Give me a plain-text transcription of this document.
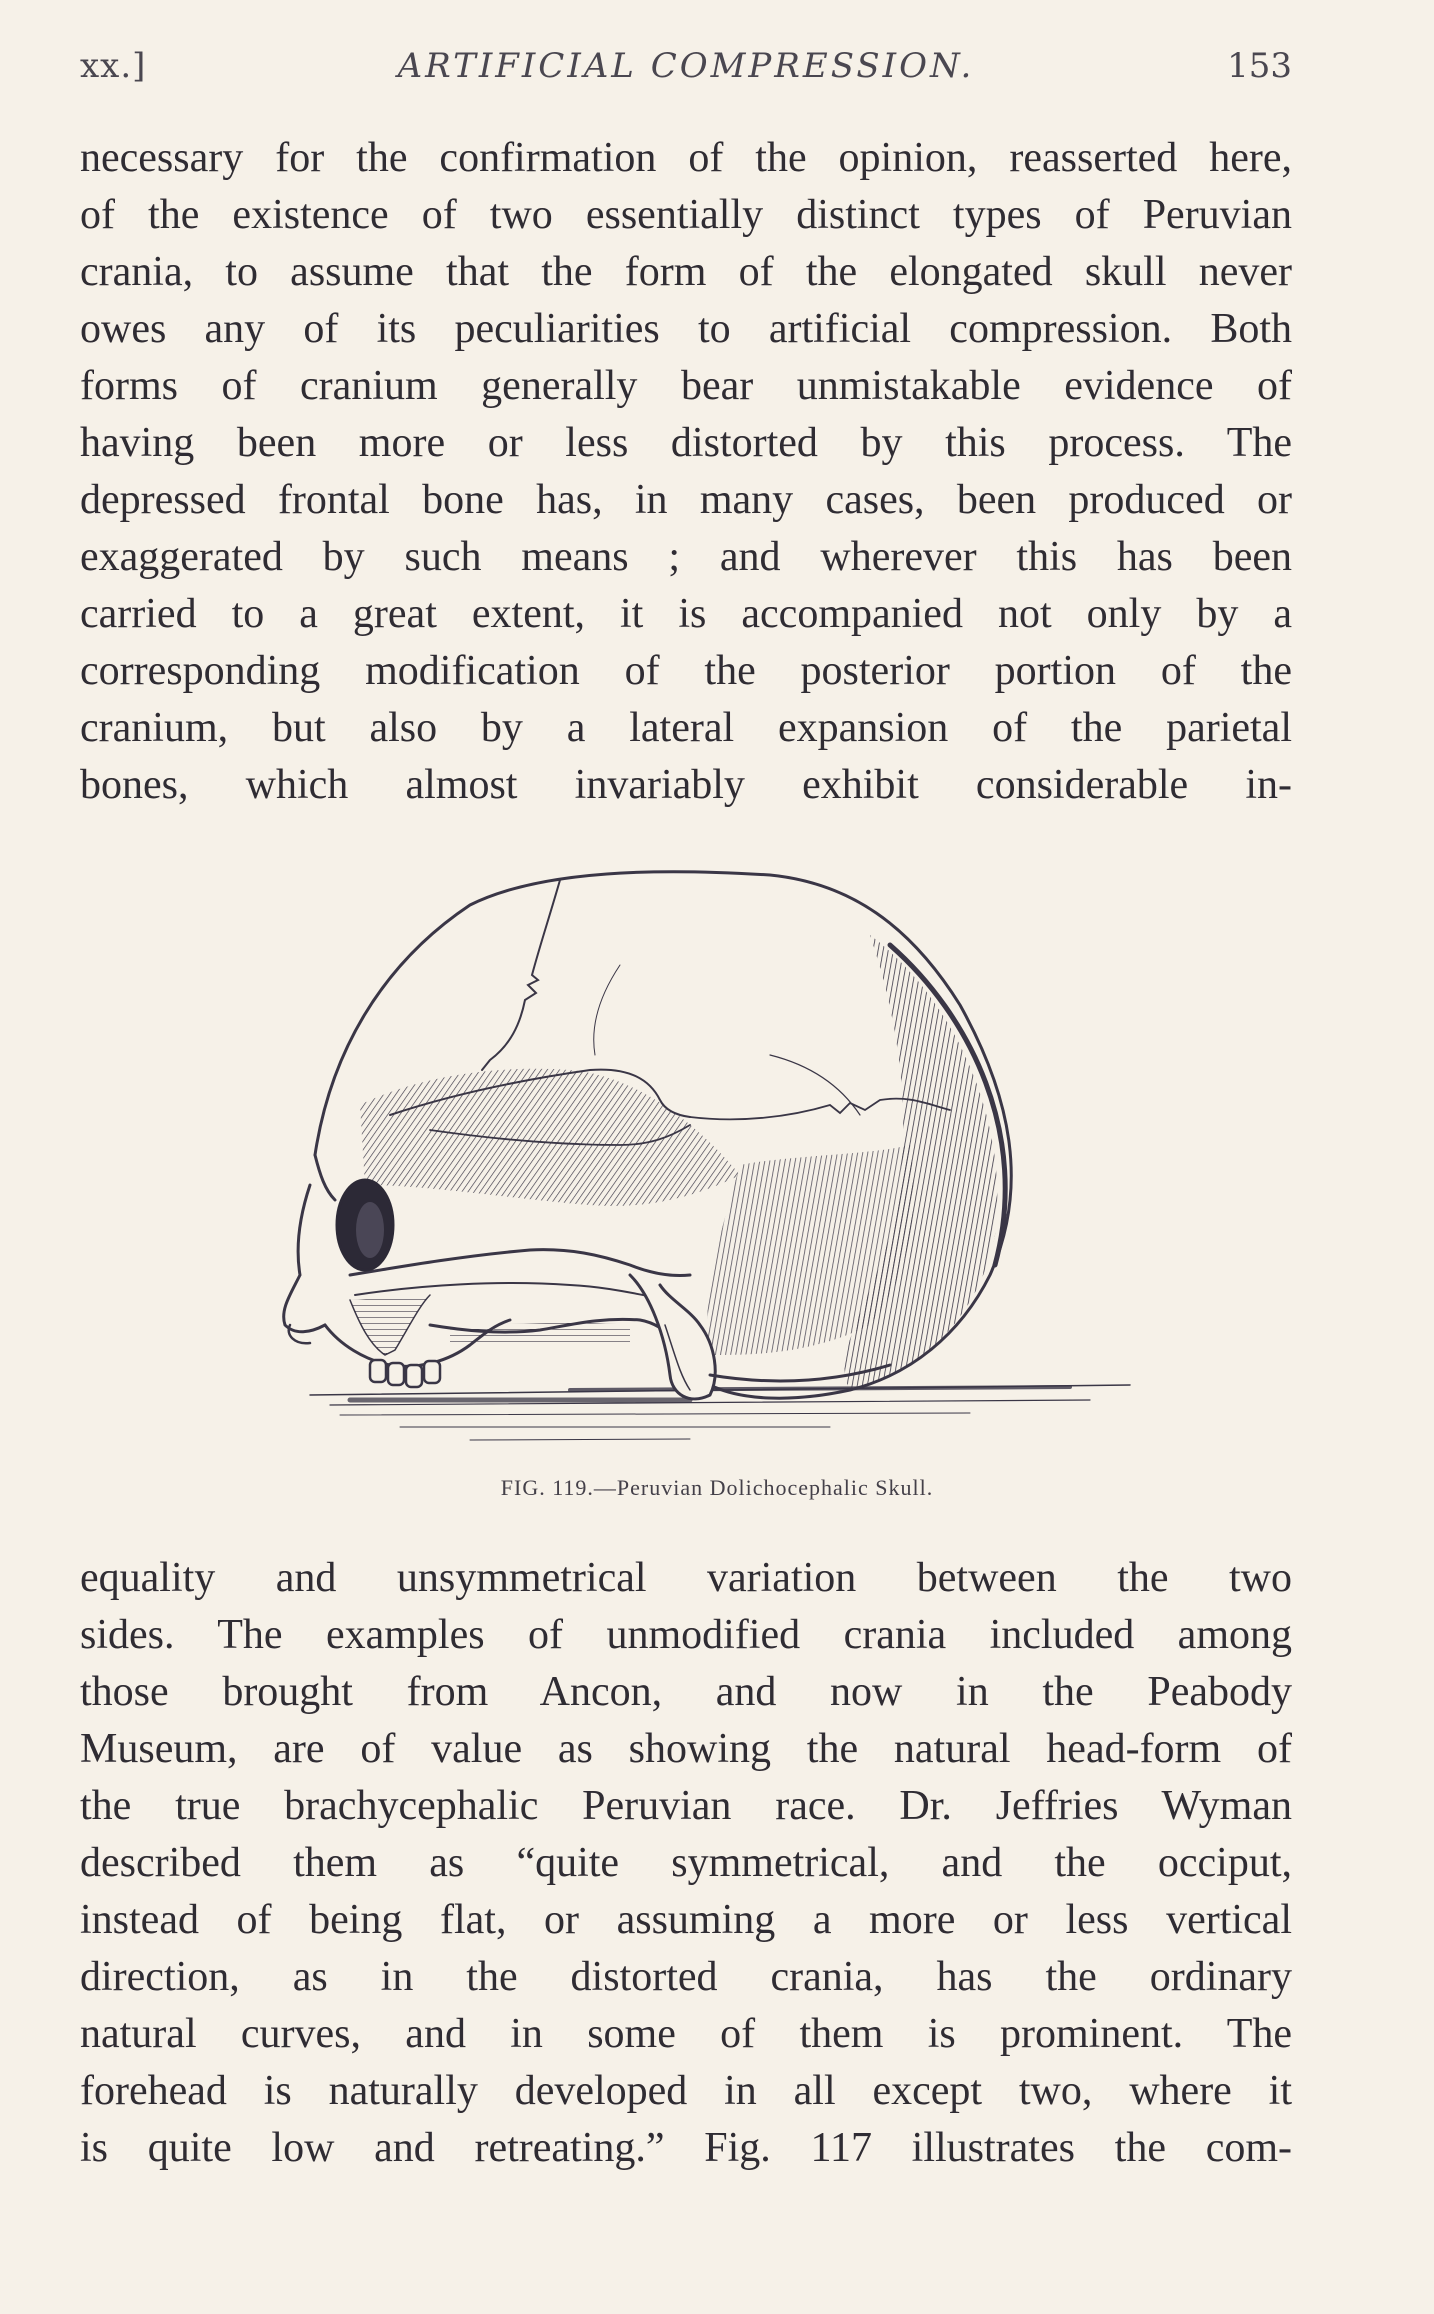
xx.]	ARTIFICIAL COMPRESSION.	153
necessary for the confirmation of the opinion, reasserted here,
of the existence of two essentially distinct types of Peruvian
crania, to assume that the form of the elongated skull never
owes any of its peculiarities to artificial compression. Both
forms of cranium generally bear unmistakable evidence of
having been more or less distorted by this process. The
depressed frontal bone has, in many cases, been produced or
exaggerated by such means ; and wherever this has been
carried to a great extent, it is accompanied not only by a
corresponding modification of the posterior portion of the
cranium, but also by a lateral expansion of the parietal
bones, which almost invariably exhibit considerable in-
FIG. 119.—Peruvian Dolichocephalic Skull.
equality and unsymmetrical variation between the two
sides. The examples of unmodified crania included among
those brought from Ancon, and now in the Peabody
Museum, are of value as showing the natural head-form of
the true brachycephalic Peruvian race. Dr. Jeffries Wyman
described them as “quite symmetrical, and the occiput,
instead of being flat, or assuming a more or less vertical
direction, as in the distorted crania, has the ordinary
natural curves, and in some of them is prominent. The
forehead is naturally developed in all except two, where it
is quite low and retreating.” Fig. 117 illustrates the com-
